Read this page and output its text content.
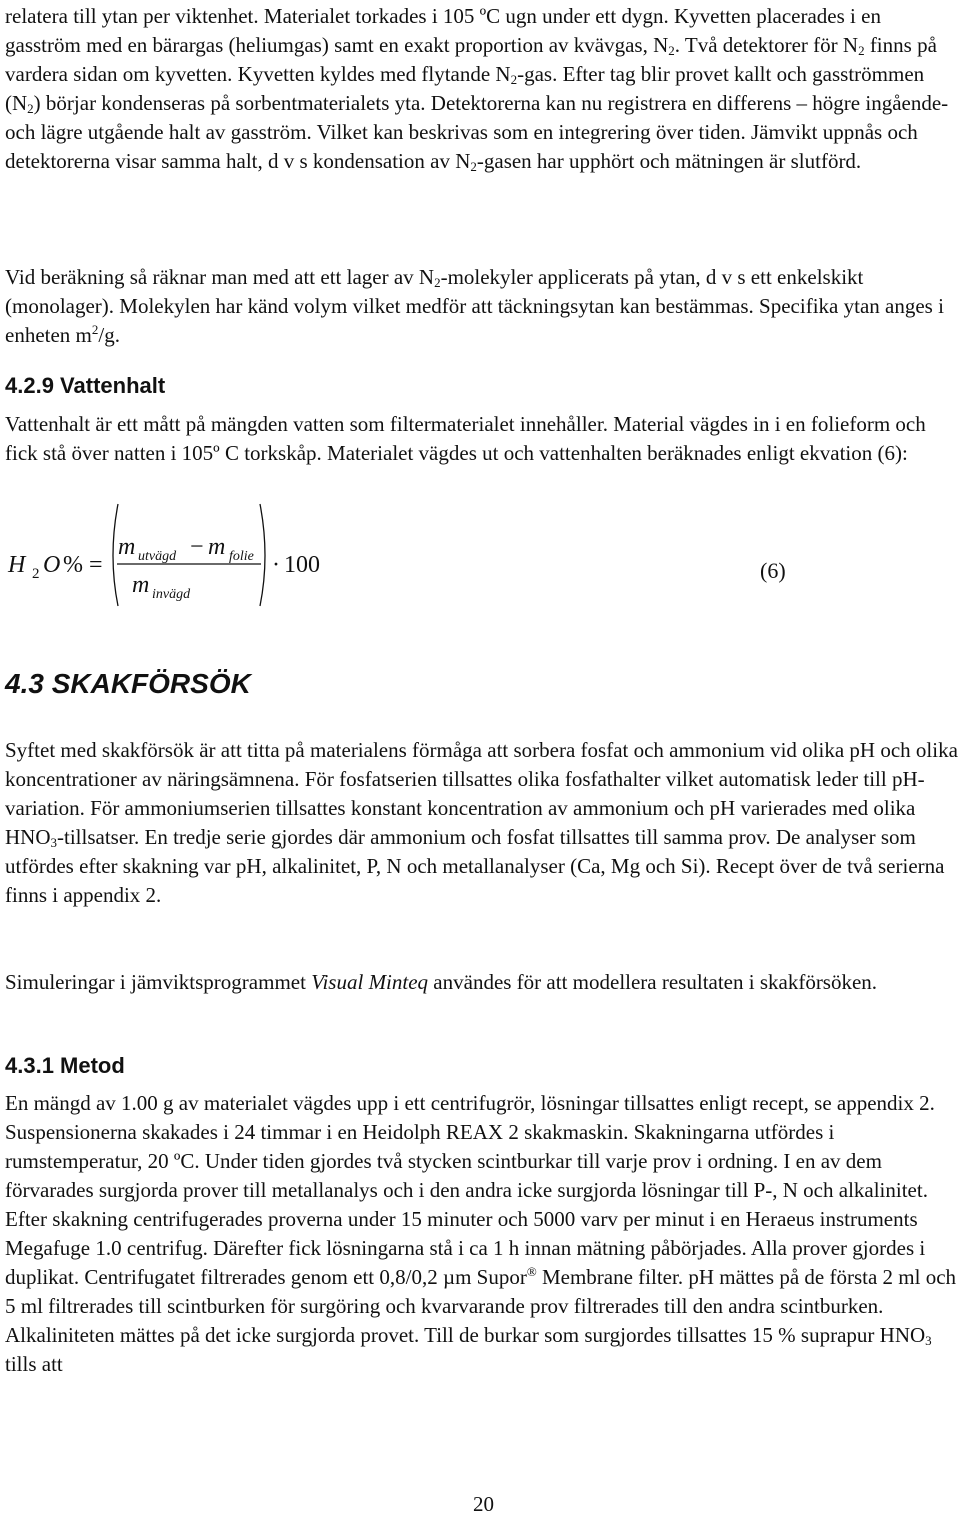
relatera till ytan per viktenhet. Materialet torkades i 105 ºC ugn under ett dygn. Kyvetten placerades i en gasström med en bärargas (heliumgas) samt en exakt proportion av kvävgas, $N_2$. Två detektorer för $N_2$ finns på vardera sidan om kyvetten. Kyvetten kyldes med flytande $N_2$-gas. Efter tag blir provet kallt och gasströmmen $(N_2)$ börjar kondenseras på sorbentmaterialets yta. Detektorerna kan nu registrera en differens – högre ingående- och lägre utgående halt av gasström. Vilket kan beskrivas som en integrering över tiden. Jämvikt uppnås och detektorerna visar samma halt, d v s kondensation av $N_2$-gasen har upphört och mätningen är slutförd.

Vid beräkning så räknar man med att ett lager av $N_2$-molekyler applicerats på ytan, d v s ett enkelskikt (monolager). Molekylen har känd volym vilket medför att täckningsytan kan bestämmas. Specifika ytan anges i enheten $m^2/g$.

4.2.9 Vattenhalt

Vattenhalt är ett mått på mängden vatten som filtermaterialet innehåller. Material vägdes in i en folieform och fick stå över natten i 105º C torkskåp. Materialet vägdes ut och vattenhalten beräknades enligt ekvation (6):

H 2 O % =
m utvägd − m folie
m invägd
· 100	(6)
4.3 SKAKFÖRSÖK

Syftet med skakförsök är att titta på materialens förmåga att sorbera fosfat och ammonium vid olika pH och olika koncentrationer av näringsämnena. För fosfatserien tillsattes olika fosfathalter vilket automatisk leder till pH-variation. För ammoniumserien tillsattes konstant koncentration av ammonium och pH varierades med olika $HNO_3$-tillsatser. En tredje serie gjordes där ammonium och fosfat tillsattes till samma prov. De analyser som utfördes efter skakning var pH, alkalinitet, P, N och metallanalyser (Ca, Mg och Si). Recept över de två serierna finns i appendix 2.

Simuleringar i jämviktsprogrammet Visual Minteq användes för att modellera resultaten i skakförsöken.

4.3.1 Metod

En mängd av 1.00 g av materialet vägdes upp i ett centrifugrör, lösningar tillsattes enligt recept, se appendix 2. Suspensionerna skakades i 24 timmar i en Heidolph REAX 2 skakmaskin. Skakningarna utfördes i rumstemperatur, 20 ºC. Under tiden gjordes två stycken scintburkar till varje prov i ordning. I en av dem förvarades surgjorda prover till metallanalys och i den andra icke surgjorda lösningar till P-, N och alkalinitet. Efter skakning centrifugerades proverna under 15 minuter och 5000 varv per minut i en Heraeus instruments Megafuge 1.0 centrifug. Därefter fick lösningarna stå i ca 1 h innan mätning påbörjades. Alla prover gjordes i duplikat. Centrifugatet filtrerades genom ett 0,8/0,2 µm Supor® Membrane filter. pH mättes på de första 2 ml och 5 ml filtrerades till scintburken för surgöring och kvarvarande prov filtrerades till den andra scintburken. Alkaliniteten mättes på det icke surgjorda provet. Till de burkar som surgjordes tillsattes 15 % suprapur $HNO_3$ tills att

20
